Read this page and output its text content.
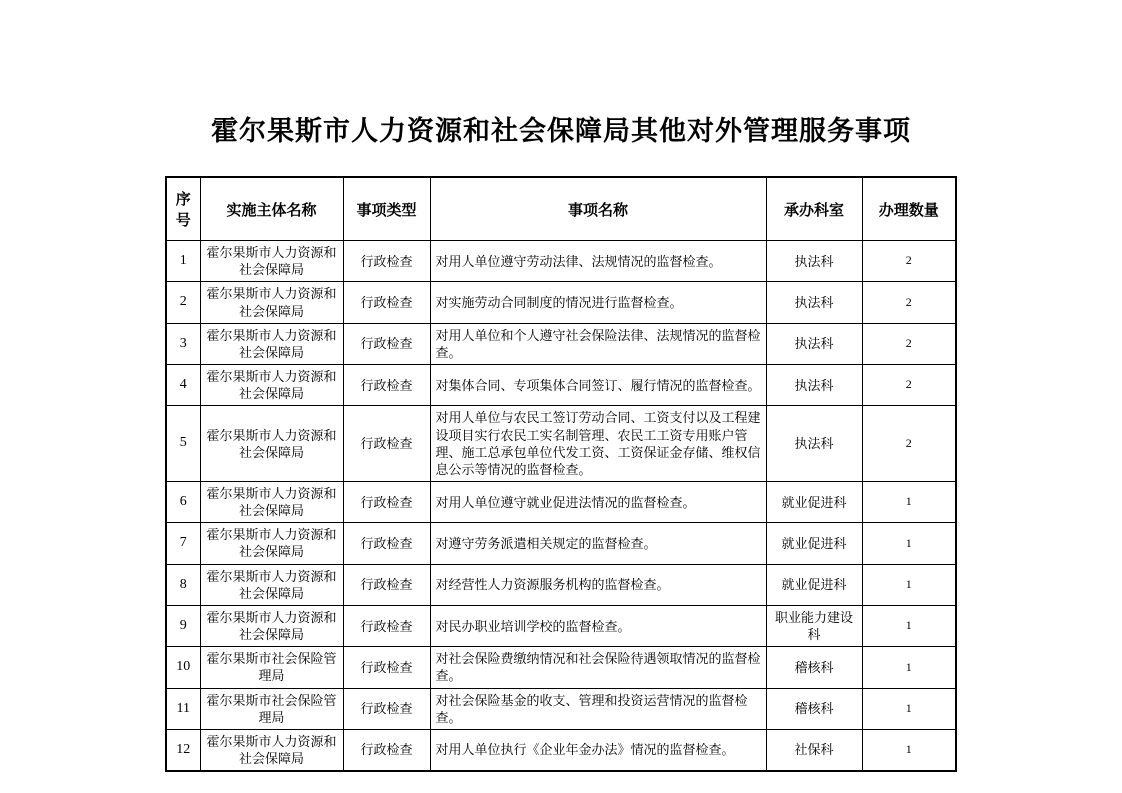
霍尔果斯市人力资源和社会保障局其他对外管理服务事项
序号	实施主体名称	事项类型	事项名称	承办科室	办理数量
1	霍尔果斯市人力资源和社会保障局	行政检查	对用人单位遵守劳动法律、法规情况的监督检查。	执法科	2
2	霍尔果斯市人力资源和社会保障局	行政检查	对实施劳动合同制度的情况进行监督检查。	执法科	2
3	霍尔果斯市人力资源和社会保障局	行政检查	对用人单位和个人遵守社会保险法律、法规情况的监督检查。	执法科	2
4	霍尔果斯市人力资源和社会保障局	行政检查	对集体合同、专项集体合同签订、履行情况的监督检查。	执法科	2
5	霍尔果斯市人力资源和社会保障局	行政检查	对用人单位与农民工签订劳动合同、工资支付以及工程建设项目实行农民工实名制管理、农民工工资专用账户管理、施工总承包单位代发工资、工资保证金存储、维权信息公示等情况的监督检查。	执法科	2
6	霍尔果斯市人力资源和社会保障局	行政检查	对用人单位遵守就业促进法情况的监督检查。	就业促进科	1
7	霍尔果斯市人力资源和社会保障局	行政检查	对遵守劳务派遣相关规定的监督检查。	就业促进科	1
8	霍尔果斯市人力资源和社会保障局	行政检查	对经营性人力资源服务机构的监督检查。	就业促进科	1
9	霍尔果斯市人力资源和社会保障局	行政检查	对民办职业培训学校的监督检查。	职业能力建设科	1
10	霍尔果斯市社会保险管理局	行政检查	对社会保险费缴纳情况和社会保险待遇领取情况的监督检查。	稽核科	1
11	霍尔果斯市社会保险管理局	行政检查	对社会保险基金的收支、管理和投资运营情况的监督检查。	稽核科	1
12	霍尔果斯市人力资源和社会保障局	行政检查	对用人单位执行《企业年金办法》情况的监督检查。	社保科	1
